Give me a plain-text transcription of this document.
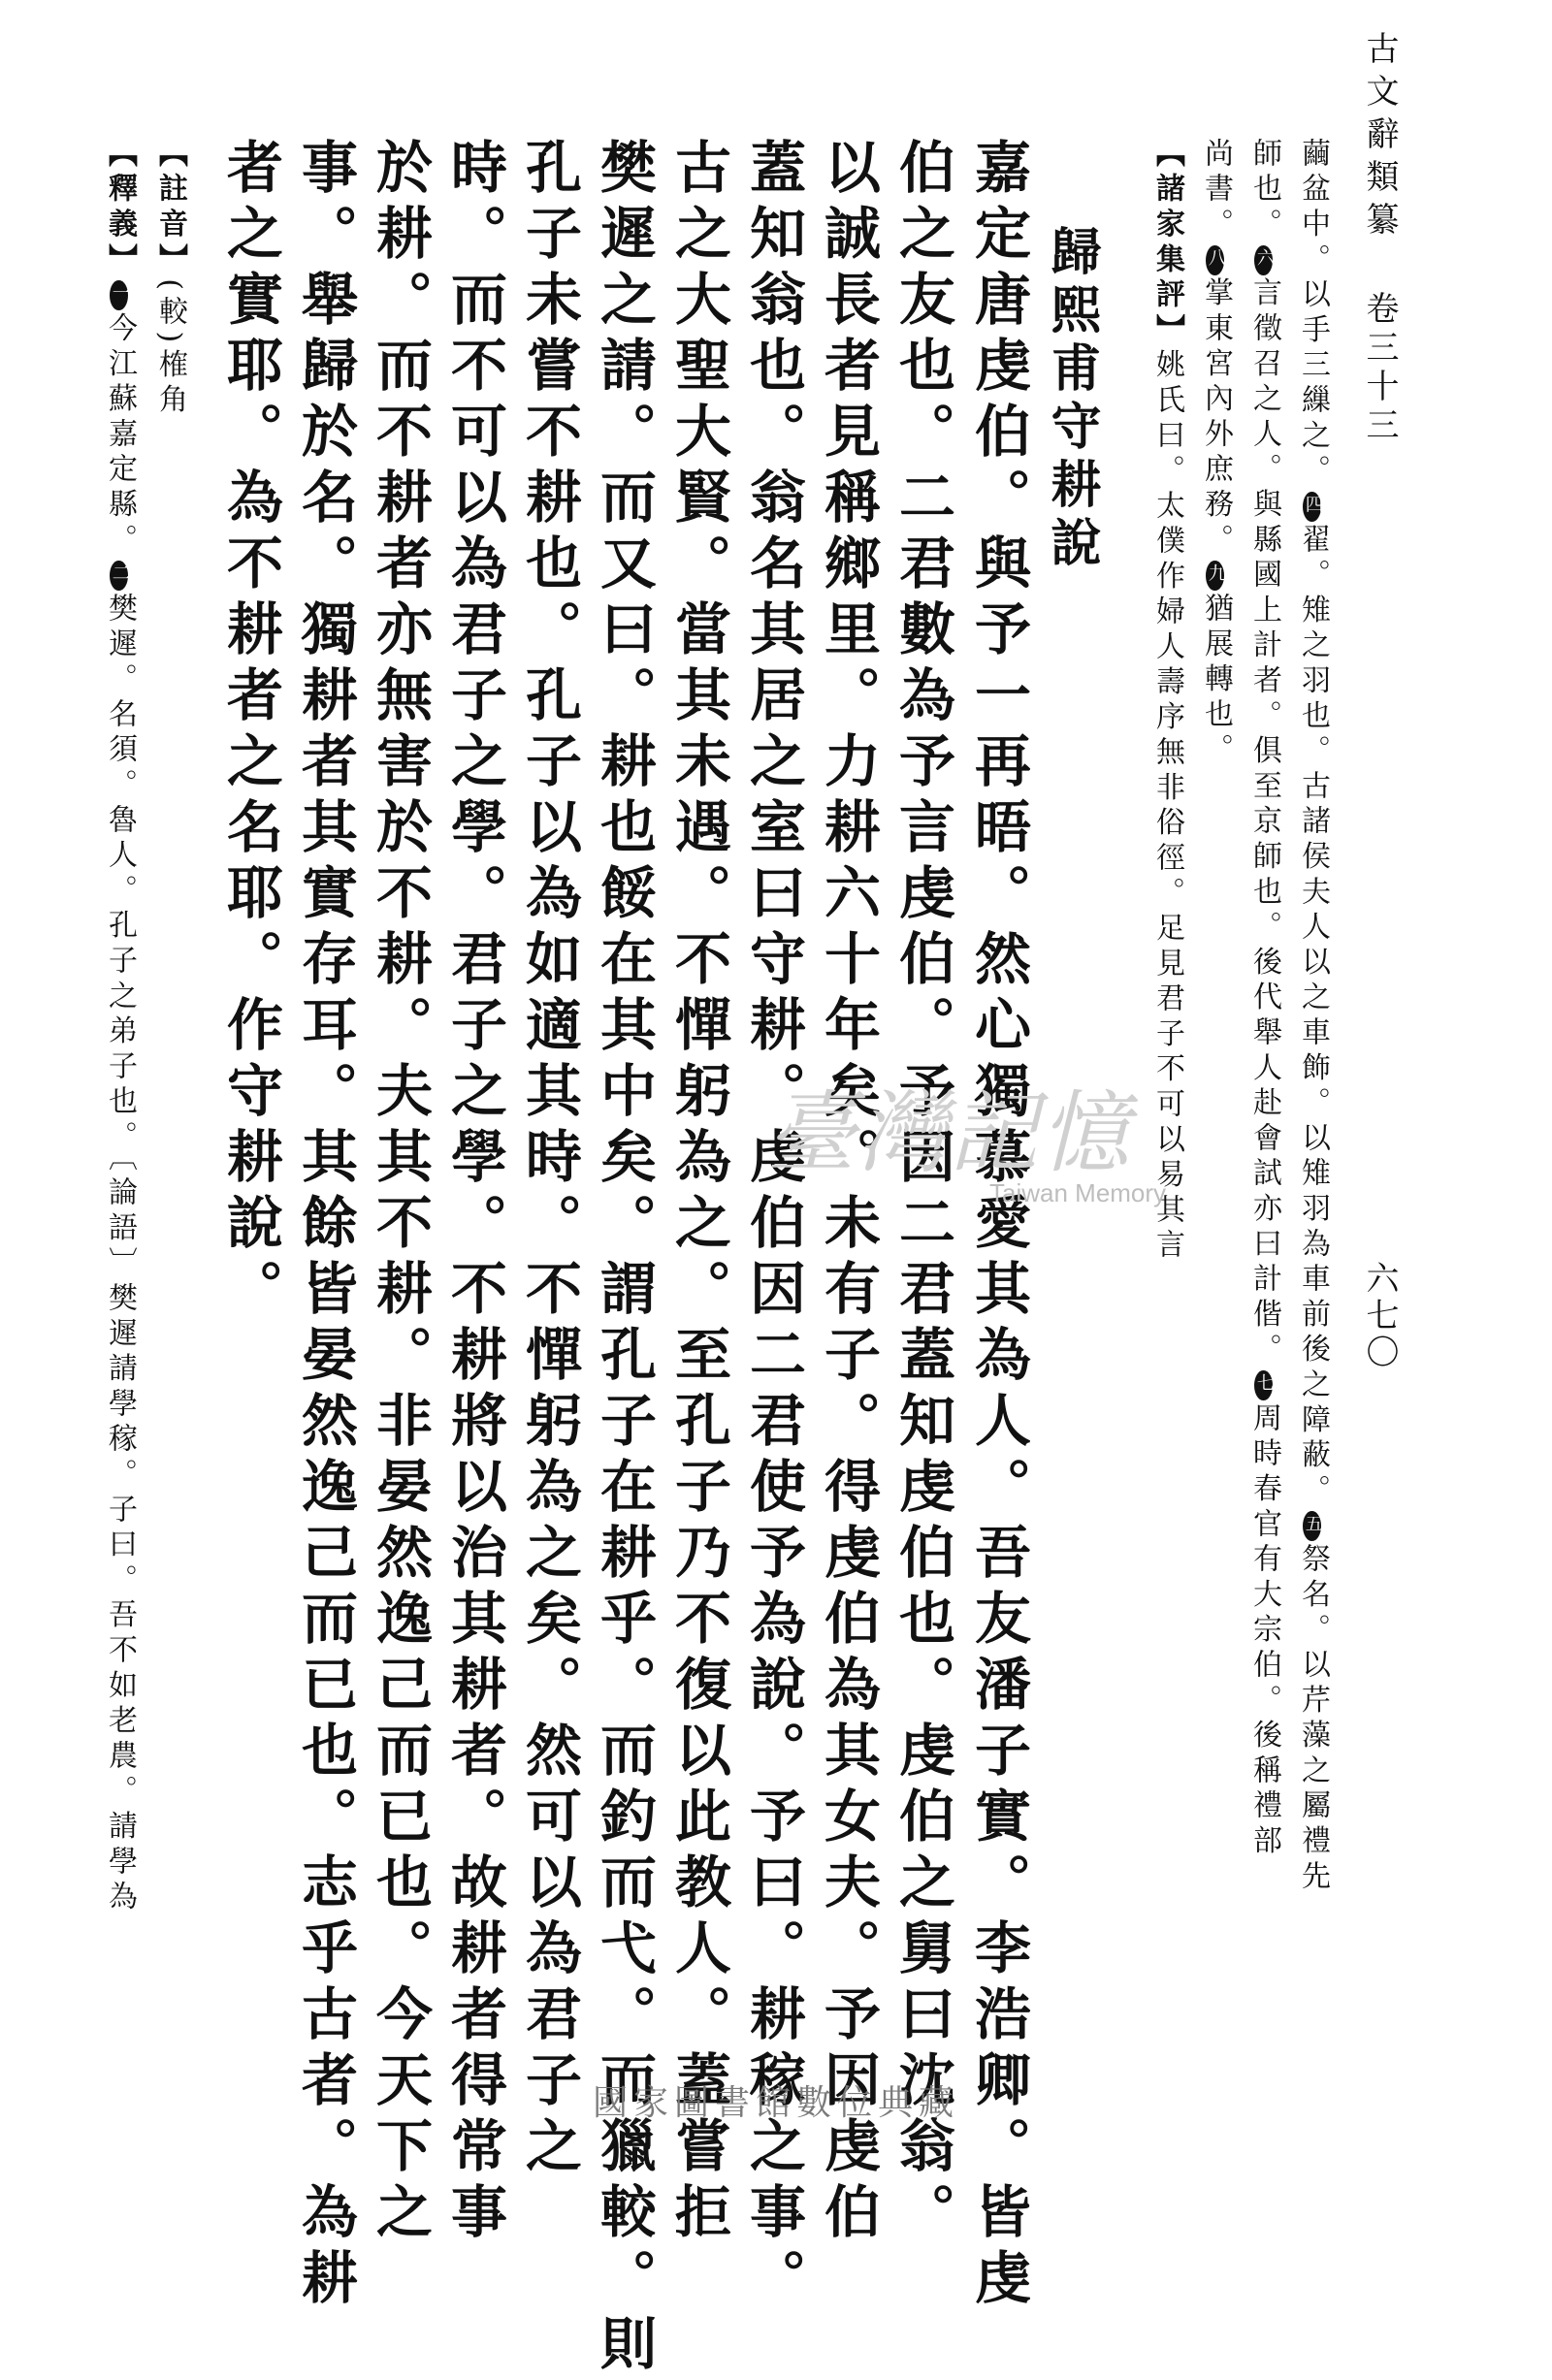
古文辭類纂
卷三十三
六七〇
繭盆中。以手三繅之。四翟。雉之羽也。古諸侯夫人以之車飾。以雉羽為車前後之障蔽。五祭名。以芹藻之屬禮先
師也。六言徵召之人。與縣國上計者。俱至京師也。後代舉人赴會試亦曰計偕。七周時春官有大宗伯。後稱禮部
尚書。八掌東宮內外庶務。九猶展轉也。
【諸家集評】姚氏曰。太僕作婦人壽序無非俗徑。足見君子不可以易其言
歸熙甫守耕說
嘉定唐虔伯。與予一再晤。然心獨慕愛其為人。吾友潘子實。李浩卿。皆虔
伯之友也。二君數為予言虔伯。予因二君蓋知虔伯也。虔伯之舅曰沈翁。
以誠長者見稱鄉里。力耕六十年矣。未有子。得虔伯為其女夫。予因虔伯
蓋知翁也。翁名其居之室曰守耕。虔伯因二君使予為說。予曰。耕稼之事。
古之大聖大賢。當其未遇。不憚躬為之。至孔子乃不復以此教人。蓋嘗拒
樊遲之請。而又曰。耕也餒在其中矣。謂孔子在耕乎。而釣而弋。而獵較。則
孔子未嘗不耕也。孔子以為如適其時。不憚躬為之矣。然可以為君子之
時。而不可以為君子之學。君子之學。不耕將以治其耕者。故耕者得常事
於耕。而不耕者亦無害於不耕。夫其不耕。非晏然逸己而已也。今天下之
事。舉歸於名。獨耕者其實存耳。其餘皆晏然逸己而已也。志乎古者。為耕
者之實耶。為不耕者之名耶。作守耕說。
【註音】(較)榷角
【釋義】一今江蘇嘉定縣。二樊遲。名須。魯人。孔子之弟子也。〔論語〕樊遲請學稼。子曰。吾不如老農。請學為	臺灣記憶
Taiwan Memory
國家圖書館數位典藏
